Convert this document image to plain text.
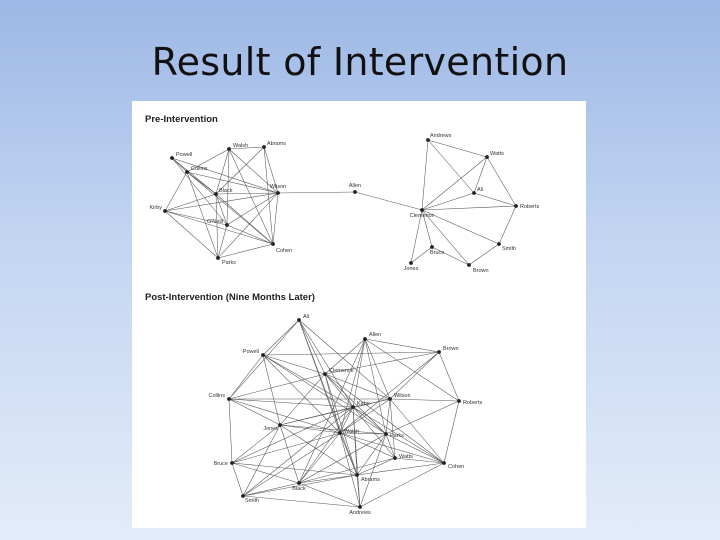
Result of Intervention
Pre-Intervention
Post-Intervention (Nine Months Later)
Powell
Collins
Walsh	Abrams
Black
Wilson
Kirby
O'Neill
Parks
Cohen
Allen
Andrews
Watts
Ali
Roberts
Clemence
Bruce
Jones	Brown
Smith
Ali
Allen
Powell	Brown
Clemence
Collins
Kirby
Wilson
Roberts
Jones	Walsh
Parks
Bruce
Watts
Cohen
Abrams
Black
Smith
Andrews
